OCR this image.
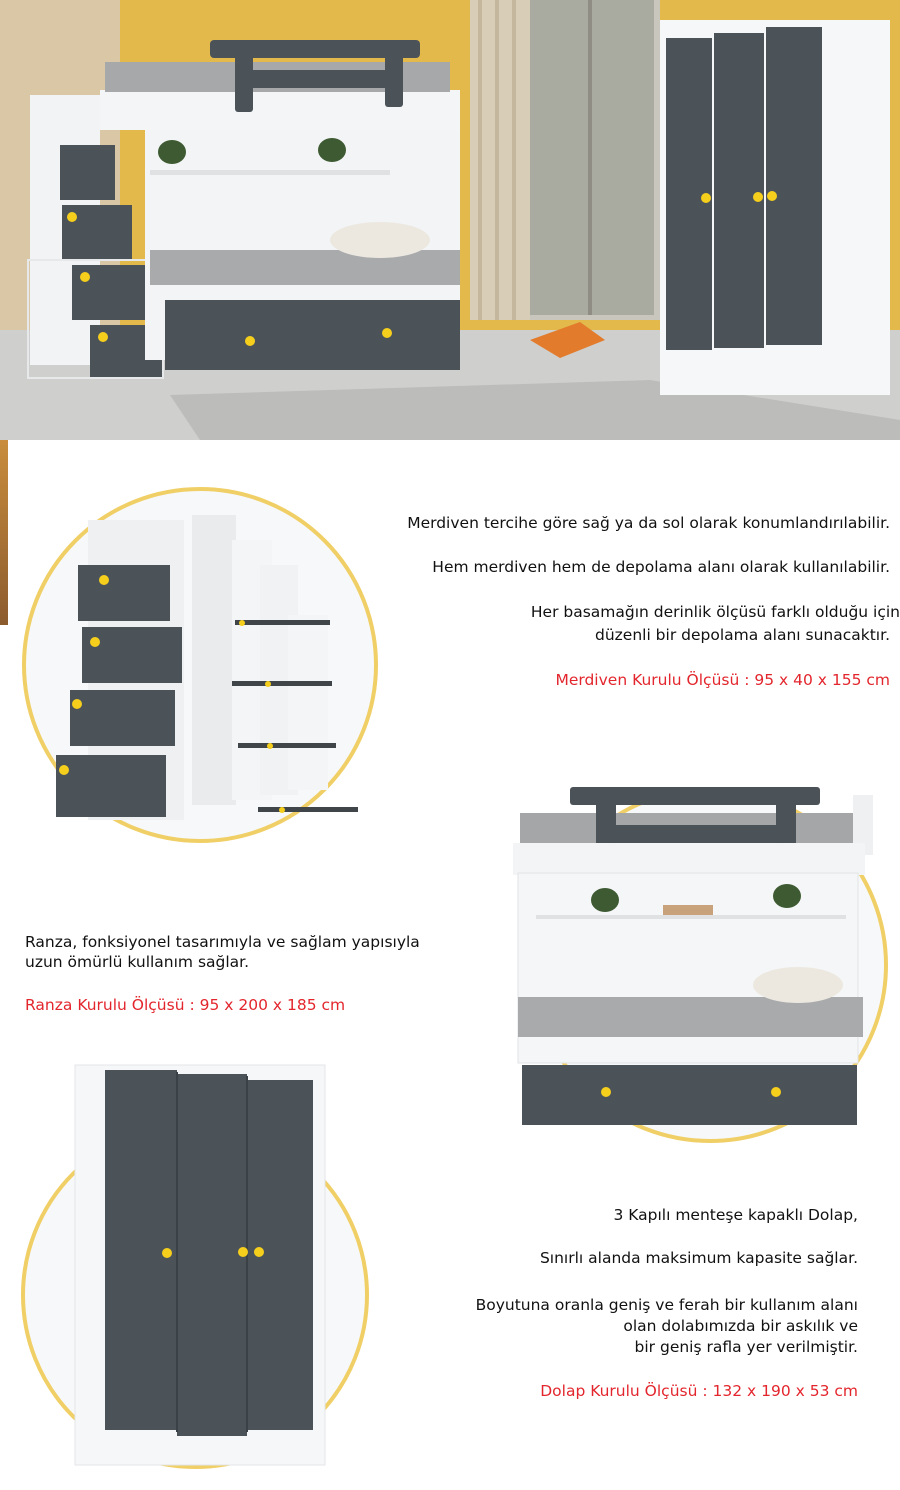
Merdiven tercihe göre sağ ya da sol olarak konumlandırılabilir.
Hem merdiven hem de depolama alanı olarak kullanılabilir.
Her basamağın derinlik ölçüsü farklı olduğu için
düzenli bir depolama alanı sunacaktır.
Merdiven Kurulu Ölçüsü : 95 x 40 x 155 cm
Ranza, fonksiyonel tasarımıyla ve sağlam yapısıyla
uzun ömürlü kullanım sağlar.
Ranza Kurulu Ölçüsü : 95 x 200 x 185 cm
3 Kapılı menteşe kapaklı Dolap,
Sınırlı alanda maksimum kapasite sağlar.
Boyutuna oranla geniş ve ferah bir kullanım alanı
olan dolabımızda bir askılık ve
bir geniş rafla yer verilmiştir.
Dolap Kurulu Ölçüsü : 132 x 190 x 53 cm
